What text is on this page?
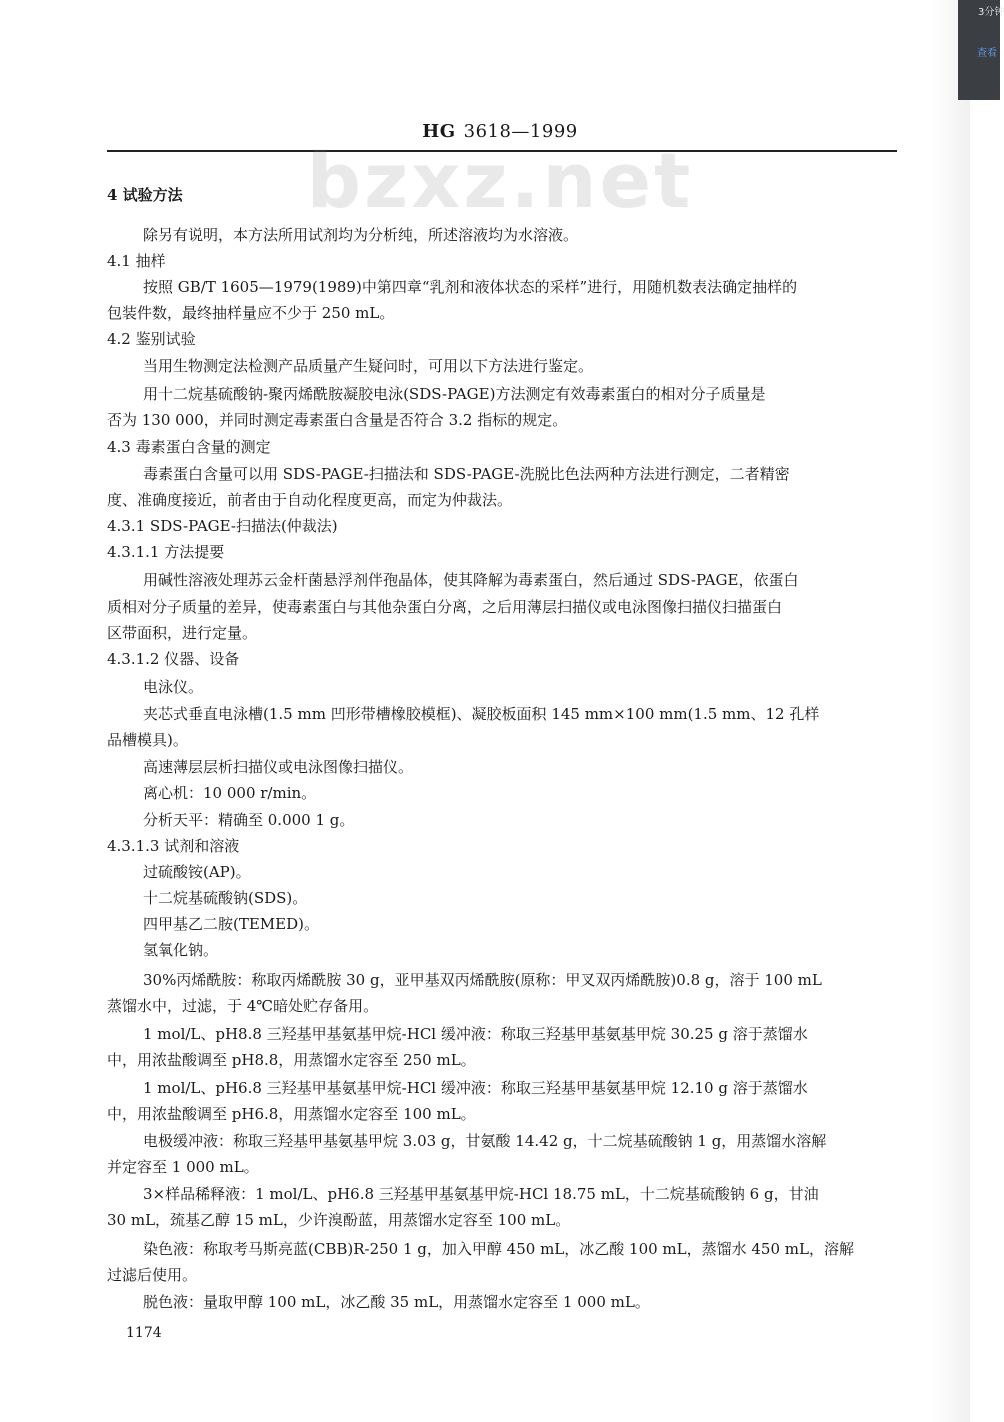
HG 3618—1999
bzxz.net
4 试验方法
除另有说明，本方法所用试剂均为分析纯，所述溶液均为水溶液。
4.1 抽样
按照 GB/T 1605—1979(1989)中第四章“乳剂和液体状态的采样”进行，用随机数表法确定抽样的
包装件数，最终抽样量应不少于 250 mL。
4.2 鉴别试验
当用生物测定法检测产品质量产生疑问时，可用以下方法进行鉴定。
用十二烷基硫酸钠-聚丙烯酰胺凝胶电泳(SDS-PAGE)方法测定有效毒素蛋白的相对分子质量是
否为 130 000，并同时测定毒素蛋白含量是否符合 3.2 指标的规定。
4.3 毒素蛋白含量的测定
毒素蛋白含量可以用 SDS-PAGE-扫描法和 SDS-PAGE-洗脱比色法两种方法进行测定，二者精密
度、准确度接近，前者由于自动化程度更高，而定为仲裁法。
4.3.1 SDS-PAGE-扫描法(仲裁法)
4.3.1.1 方法提要
用碱性溶液处理苏云金杆菌悬浮剂伴孢晶体，使其降解为毒素蛋白，然后通过 SDS-PAGE，依蛋白
质相对分子质量的差异，使毒素蛋白与其他杂蛋白分离，之后用薄层扫描仪或电泳图像扫描仪扫描蛋白
区带面积，进行定量。
4.3.1.2 仪器、设备
电泳仪。
夹芯式垂直电泳槽(1.5 mm 凹形带槽橡胶模框)、凝胶板面积 145 mm×100 mm(1.5 mm、12 孔样
品槽模具)。
高速薄层层析扫描仪或电泳图像扫描仪。
离心机：10 000 r/min。
分析天平：精确至 0.000 1 g。
4.3.1.3 试剂和溶液
过硫酸铵(AP)。
十二烷基硫酸钠(SDS)。
四甲基乙二胺(TEMED)。
氢氧化钠。
30%丙烯酰胺：称取丙烯酰胺 30 g，亚甲基双丙烯酰胺(原称：甲叉双丙烯酰胺)0.8 g，溶于 100 mL
蒸馏水中，过滤，于 4℃暗处贮存备用。
1 mol/L、pH8.8 三羟基甲基氨基甲烷-HCl 缓冲液：称取三羟基甲基氨基甲烷 30.25 g 溶于蒸馏水
中，用浓盐酸调至 pH8.8，用蒸馏水定容至 250 mL。
1 mol/L、pH6.8 三羟基甲基氨基甲烷-HCl 缓冲液：称取三羟基甲基氨基甲烷 12.10 g 溶于蒸馏水
中，用浓盐酸调至 pH6.8，用蒸馏水定容至 100 mL。
电极缓冲液：称取三羟基甲基氨基甲烷 3.03 g，甘氨酸 14.42 g，十二烷基硫酸钠 1 g，用蒸馏水溶解
并定容至 1 000 mL。
3×样品稀释液：1 mol/L、pH6.8 三羟基甲基氨基甲烷-HCl 18.75 mL，十二烷基硫酸钠 6 g，甘油
30 mL，巯基乙醇 15 mL，少许溴酚蓝，用蒸馏水定容至 100 mL。
染色液：称取考马斯亮蓝(CBB)R-250 1 g，加入甲醇 450 mL，冰乙酸 100 mL，蒸馏水 450 mL，溶解
过滤后使用。
脱色液：量取甲醇 100 mL，冰乙酸 35 mL，用蒸馏水定容至 1 000 mL。
1174
3分钟
查看
